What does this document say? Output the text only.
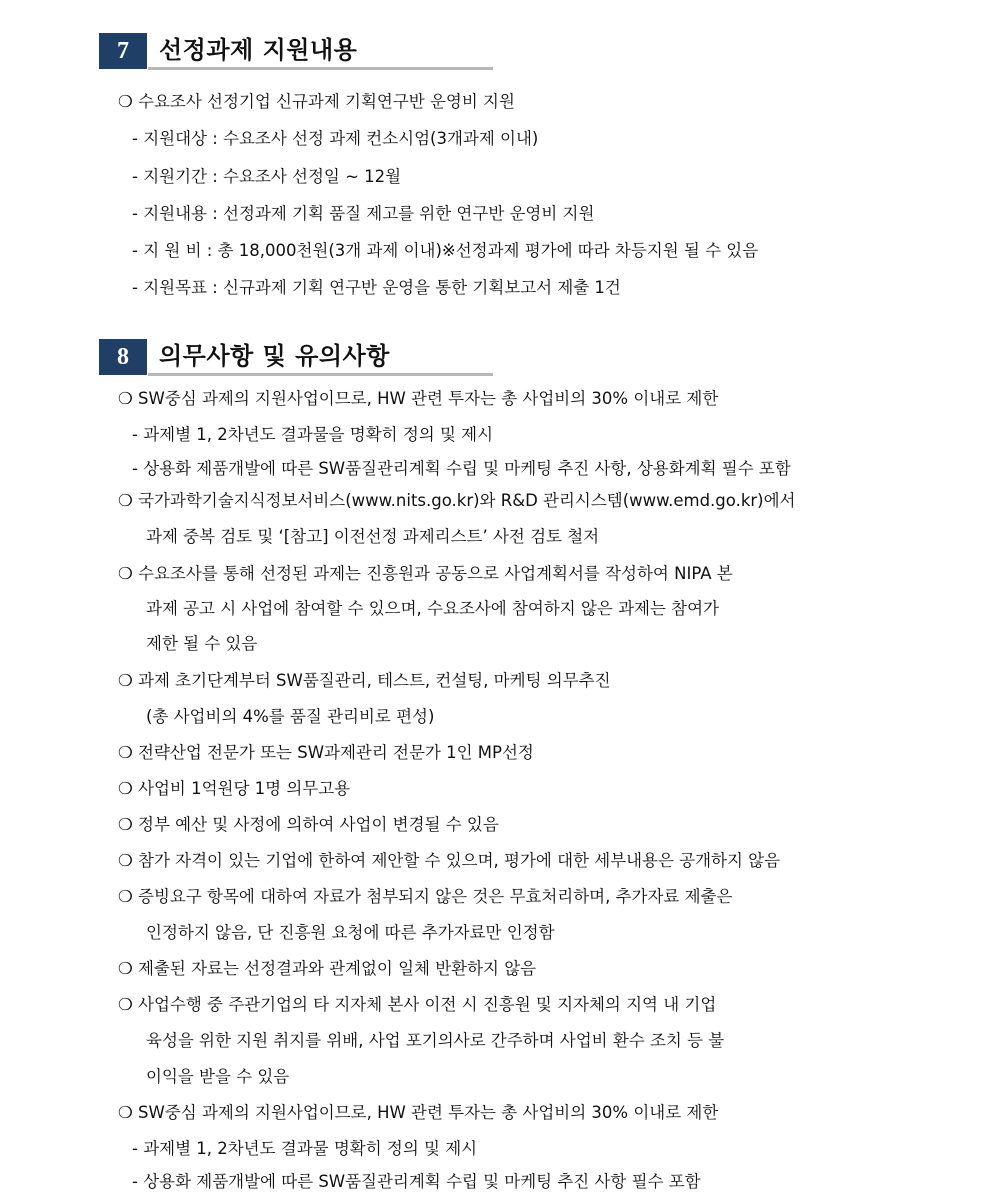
7	선정과제 지원내용
❍ 수요조사 선정기업 신규과제 기획연구반 운영비 지원
- 지원대상 : 수요조사 선정 과제 컨소시엄(3개과제 이내)
- 지원기간 : 수요조사 선정일 ~ 12월
- 지원내용 : 선정과제 기획 품질 제고를 위한 연구반 운영비 지원
- 지 원 비 : 총 18,000천원(3개 과제 이내)※선정과제 평가에 따라 차등지원 될 수 있음
- 지원목표 : 신규과제 기획 연구반 운영을 통한 기획보고서 제출 1건
8	의무사항 및 유의사항
❍ SW중심 과제의 지원사업이므로, HW 관련 투자는 총 사업비의 30% 이내로 제한
- 과제별 1, 2차년도 결과물을 명확히 정의 및 제시
- 상용화 제품개발에 따른 SW품질관리계획 수립 및 마케팅 추진 사항, 상용화계획 필수 포함
❍ 국가과학기술지식정보서비스(www.nits.go.kr)와 R&D 관리시스템(www.emd.go.kr)에서
과제 중복 검토 및 ‘[참고] 이전선정 과제리스트’ 사전 검토 철저
❍ 수요조사를 통해 선정된 과제는 진흥원과 공동으로 사업계획서를 작성하여 NIPA 본
과제 공고 시 사업에 참여할 수 있으며, 수요조사에 참여하지 않은 과제는 참여가
제한 될 수 있음
❍ 과제 초기단계부터 SW품질관리, 테스트, 컨설팅, 마케팅 의무추진
(총 사업비의 4%를 품질 관리비로 편성)
❍ 전략산업 전문가 또는 SW과제관리 전문가 1인 MP선정
❍ 사업비 1억원당 1명 의무고용
❍ 정부 예산 및 사정에 의하여 사업이 변경될 수 있음
❍ 참가 자격이 있는 기업에 한하여 제안할 수 있으며, 평가에 대한 세부내용은 공개하지 않음
❍ 증빙요구 항목에 대하여 자료가 첨부되지 않은 것은 무효처리하며, 추가자료 제출은
인정하지 않음, 단 진흥원 요청에 따른 추가자료만 인정함
❍ 제출된 자료는 선정결과와 관계없이 일체 반환하지 않음
❍ 사업수행 중 주관기업의 타 지자체 본사 이전 시 진흥원 및 지자체의 지역 내 기업
육성을 위한 지원 취지를 위배, 사업 포기의사로 간주하며 사업비 환수 조치 등 불
이익을 받을 수 있음
❍ SW중심 과제의 지원사업이므로, HW 관련 투자는 총 사업비의 30% 이내로 제한
- 과제별 1, 2차년도 결과물 명확히 정의 및 제시
- 상용화 제품개발에 따른 SW품질관리계획 수립 및 마케팅 추진 사항 필수 포함
